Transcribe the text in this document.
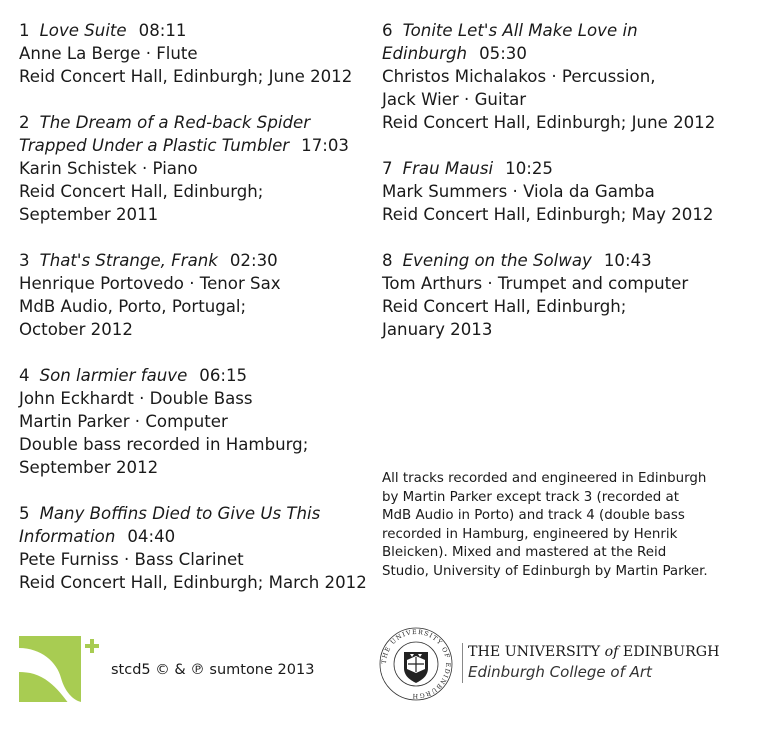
1 Love Suite 08:11
Anne La Berge · Flute
Reid Concert Hall, Edinburgh; June 2012
2 The Dream of a Red-back Spider
Trapped Under a Plastic Tumbler 17:03
Karin Schistek · Piano
Reid Concert Hall, Edinburgh;
September 2011
3 That's Strange, Frank 02:30
Henrique Portovedo · Tenor Sax
MdB Audio, Porto, Portugal;
October 2012
4 Son larmier fauve 06:15
John Eckhardt · Double Bass
Martin Parker · Computer
Double bass recorded in Hamburg;
September 2012
5 Many Boffins Died to Give Us This
Information 04:40
Pete Furniss · Bass Clarinet
Reid Concert Hall, Edinburgh; March 2012
6 Tonite Let's All Make Love in
Edinburgh 05:30
Christos Michalakos · Percussion,
Jack Wier · Guitar
Reid Concert Hall, Edinburgh; June 2012
7 Frau Mausi 10:25
Mark Summers · Viola da Gamba
Reid Concert Hall, Edinburgh; May 2012
8 Evening on the Solway 10:43
Tom Arthurs · Trumpet and computer
Reid Concert Hall, Edinburgh;
January 2013
All tracks recorded and engineered in Edinburgh
by Martin Parker except track 3 (recorded at
MdB Audio in Porto) and track 4 (double bass
recorded in Hamburg, engineered by Henrik
Bleicken). Mixed and mastered at the Reid
Studio, University of Edinburgh by Martin Parker.
stcd5 © & ℗ sumtone 2013
THE UNIVERSITY OF EDINBURGH
THE UNIVERSITY of EDINBURGH
Edinburgh College of Art
